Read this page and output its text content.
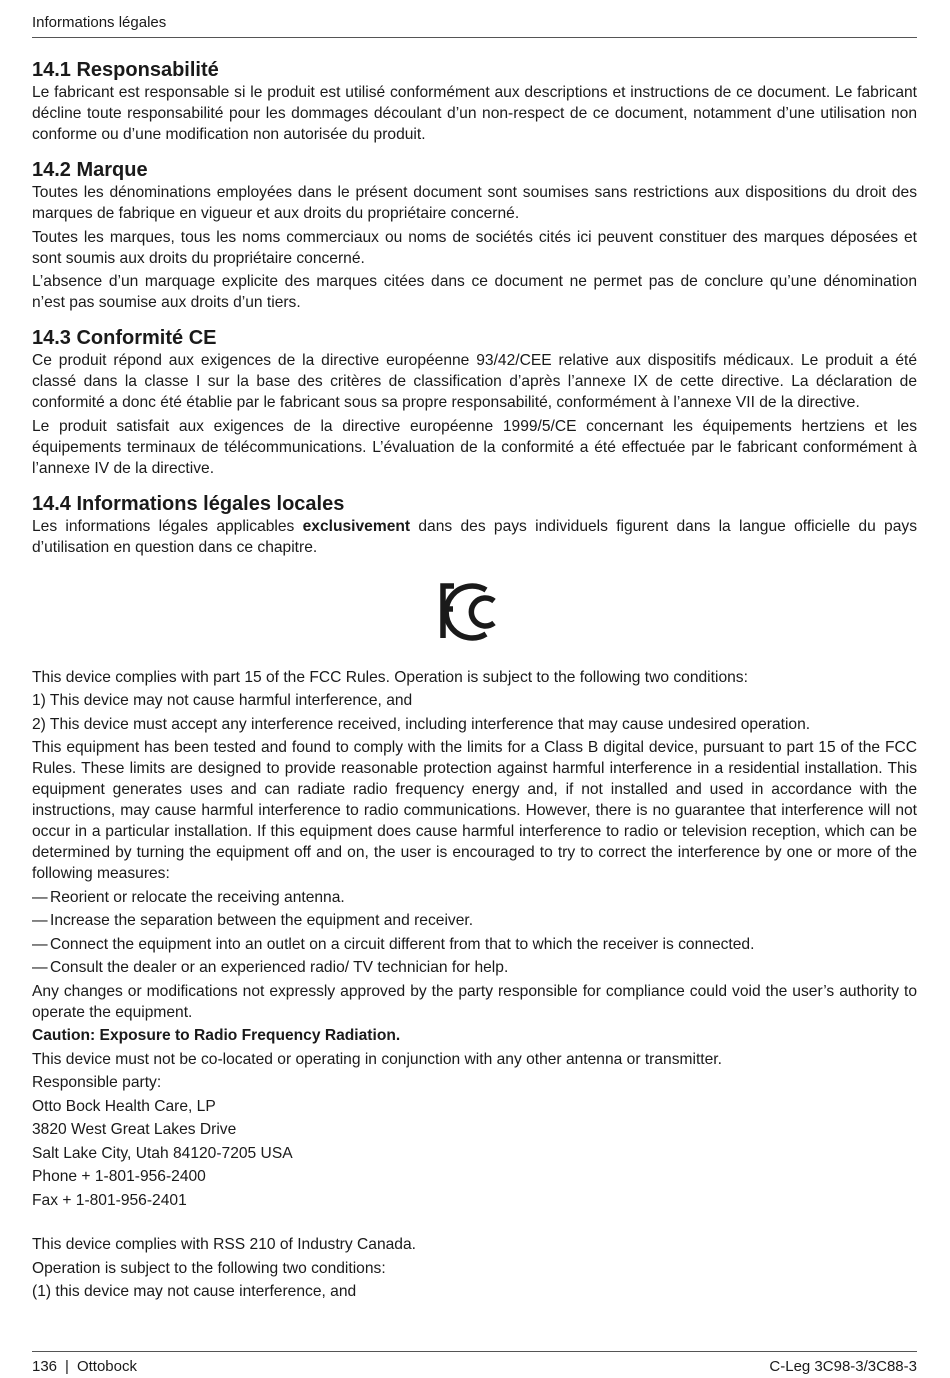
Informations légales
14.1 Responsabilité

Le fabricant est responsable si le produit est utilisé conformément aux descriptions et instructions de ce document. Le fabricant décline toute responsabilité pour les dommages découlant d’un non-respect de ce document, notamment d’une utilisation non conforme ou d’une modification non autorisée du produit.

14.2 Marque

Toutes les dénominations employées dans le présent document sont soumises sans restrictions aux dispositions du droit des marques de fabrique en vigueur et aux droits du propriétaire concerné.

Toutes les marques, tous les noms commerciaux ou noms de sociétés cités ici peuvent constituer des marques déposées et sont soumis aux droits du propriétaire concerné.

L’absence d’un marquage explicite des marques citées dans ce document ne permet pas de conclure qu’une dénomination n’est pas soumise aux droits d’un tiers.

14.3 Conformité CE

Ce produit répond aux exigences de la directive européenne 93/42/CEE relative aux dispositifs médicaux. Le produit a été classé dans la classe I sur la base des critères de classification d’après l’annexe IX de cette directive. La déclaration de conformité a donc été établie par le fabricant sous sa propre responsabilité, conformément à l’annexe VII de la directive.

Le produit satisfait aux exigences de la directive européenne 1999/5/CE concernant les équipements hertziens et les équipements terminaux de télécommunications. L’évaluation de la conformité a été effectuée par le fabricant conformément à l’annexe IV de la directive.

14.4 Informations légales locales

Les informations légales applicables exclusivement dans des pays individuels figurent dans la langue officielle du pays d’utilisation en question dans ce chapitre.

This device complies with part 15 of the FCC Rules. Operation is subject to the following two conditions:

1) This device may not cause harmful interference, and

2) This device must accept any interference received, including interference that may cause undesired operation.

This equipment has been tested and found to comply with the limits for a Class B digital device, pursuant to part 15 of the FCC Rules. These limits are designed to provide reasonable protection against harmful interference in a residential installation. This equipment generates uses and can radiate radio frequency energy and, if not installed and used in accordance with the instructions, may cause harmful interference to radio communications. However, there is no guarantee that interference will not occur in a particular installation. If this equipment does cause harmful interference to radio or television reception, which can be determined by turning the equipment off and on, the user is encouraged to try to correct the interference by one or more of the following measures:

— Reorient or relocate the receiving antenna.

— Increase the separation between the equipment and receiver.

— Connect the equipment into an outlet on a circuit different from that to which the receiver is connected.

— Consult the dealer or an experienced radio/ TV technician for help.

Any changes or modifications not expressly approved by the party responsible for compliance could void the user’s authority to operate the equipment.

Caution: Exposure to Radio Frequency Radiation.

This device must not be co-located or operating in conjunction with any other antenna or transmitter.

Responsible party:

Otto Bock Health Care, LP

3820 West Great Lakes Drive

Salt Lake City, Utah 84120-7205 USA

Phone + 1-801-956-2400

Fax + 1-801-956-2401

This device complies with RSS 210 of Industry Canada.

Operation is subject to the following two conditions:

(1) this device may not cause interference, and

136 | Ottobock	C-Leg 3C98-3/3C88-3
